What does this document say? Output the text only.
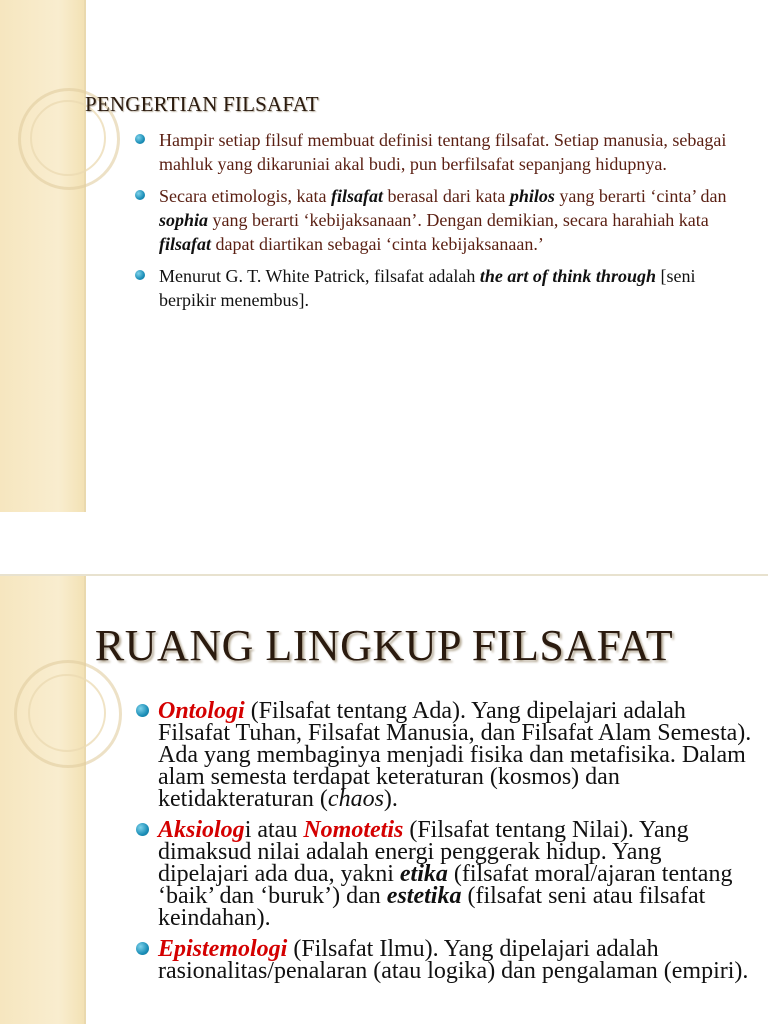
PENGERTIAN FILSAFAT
Hampir setiap filsuf membuat definisi tentang filsafat. Setiap manusia, sebagai mahluk yang dikaruniai akal budi, pun berfilsafat sepanjang hidupnya.
Secara etimologis, kata filsafat berasal dari kata philos yang berarti ‘cinta’ dan sophia yang berarti ‘kebijaksanaan’. Dengan demikian, secara harahiah kata filsafat dapat diartikan sebagai ‘cinta kebijaksanaan.’
Menurut G. T. White Patrick, filsafat adalah the art of think through [seni berpikir menembus].
RUANG LINGKUP FILSAFAT
Ontologi (Filsafat tentang Ada). Yang dipelajari adalah Filsafat Tuhan, Filsafat Manusia, dan Filsafat Alam Semesta). Ada yang membaginya menjadi fisika dan metafisika. Dalam alam semesta terdapat keteraturan (kosmos) dan ketidakteraturan (chaos).
Aksiologi atau Nomotetis (Filsafat tentang Nilai). Yang dimaksud nilai adalah energi penggerak hidup. Yang dipelajari ada dua, yakni etika (filsafat moral/ajaran tentang ‘baik’ dan ‘buruk’) dan estetika (filsafat seni atau filsafat keindahan).
Epistemologi (Filsafat Ilmu). Yang dipelajari adalah rasionalitas/penalaran (atau logika) dan pengalaman (empiri).
